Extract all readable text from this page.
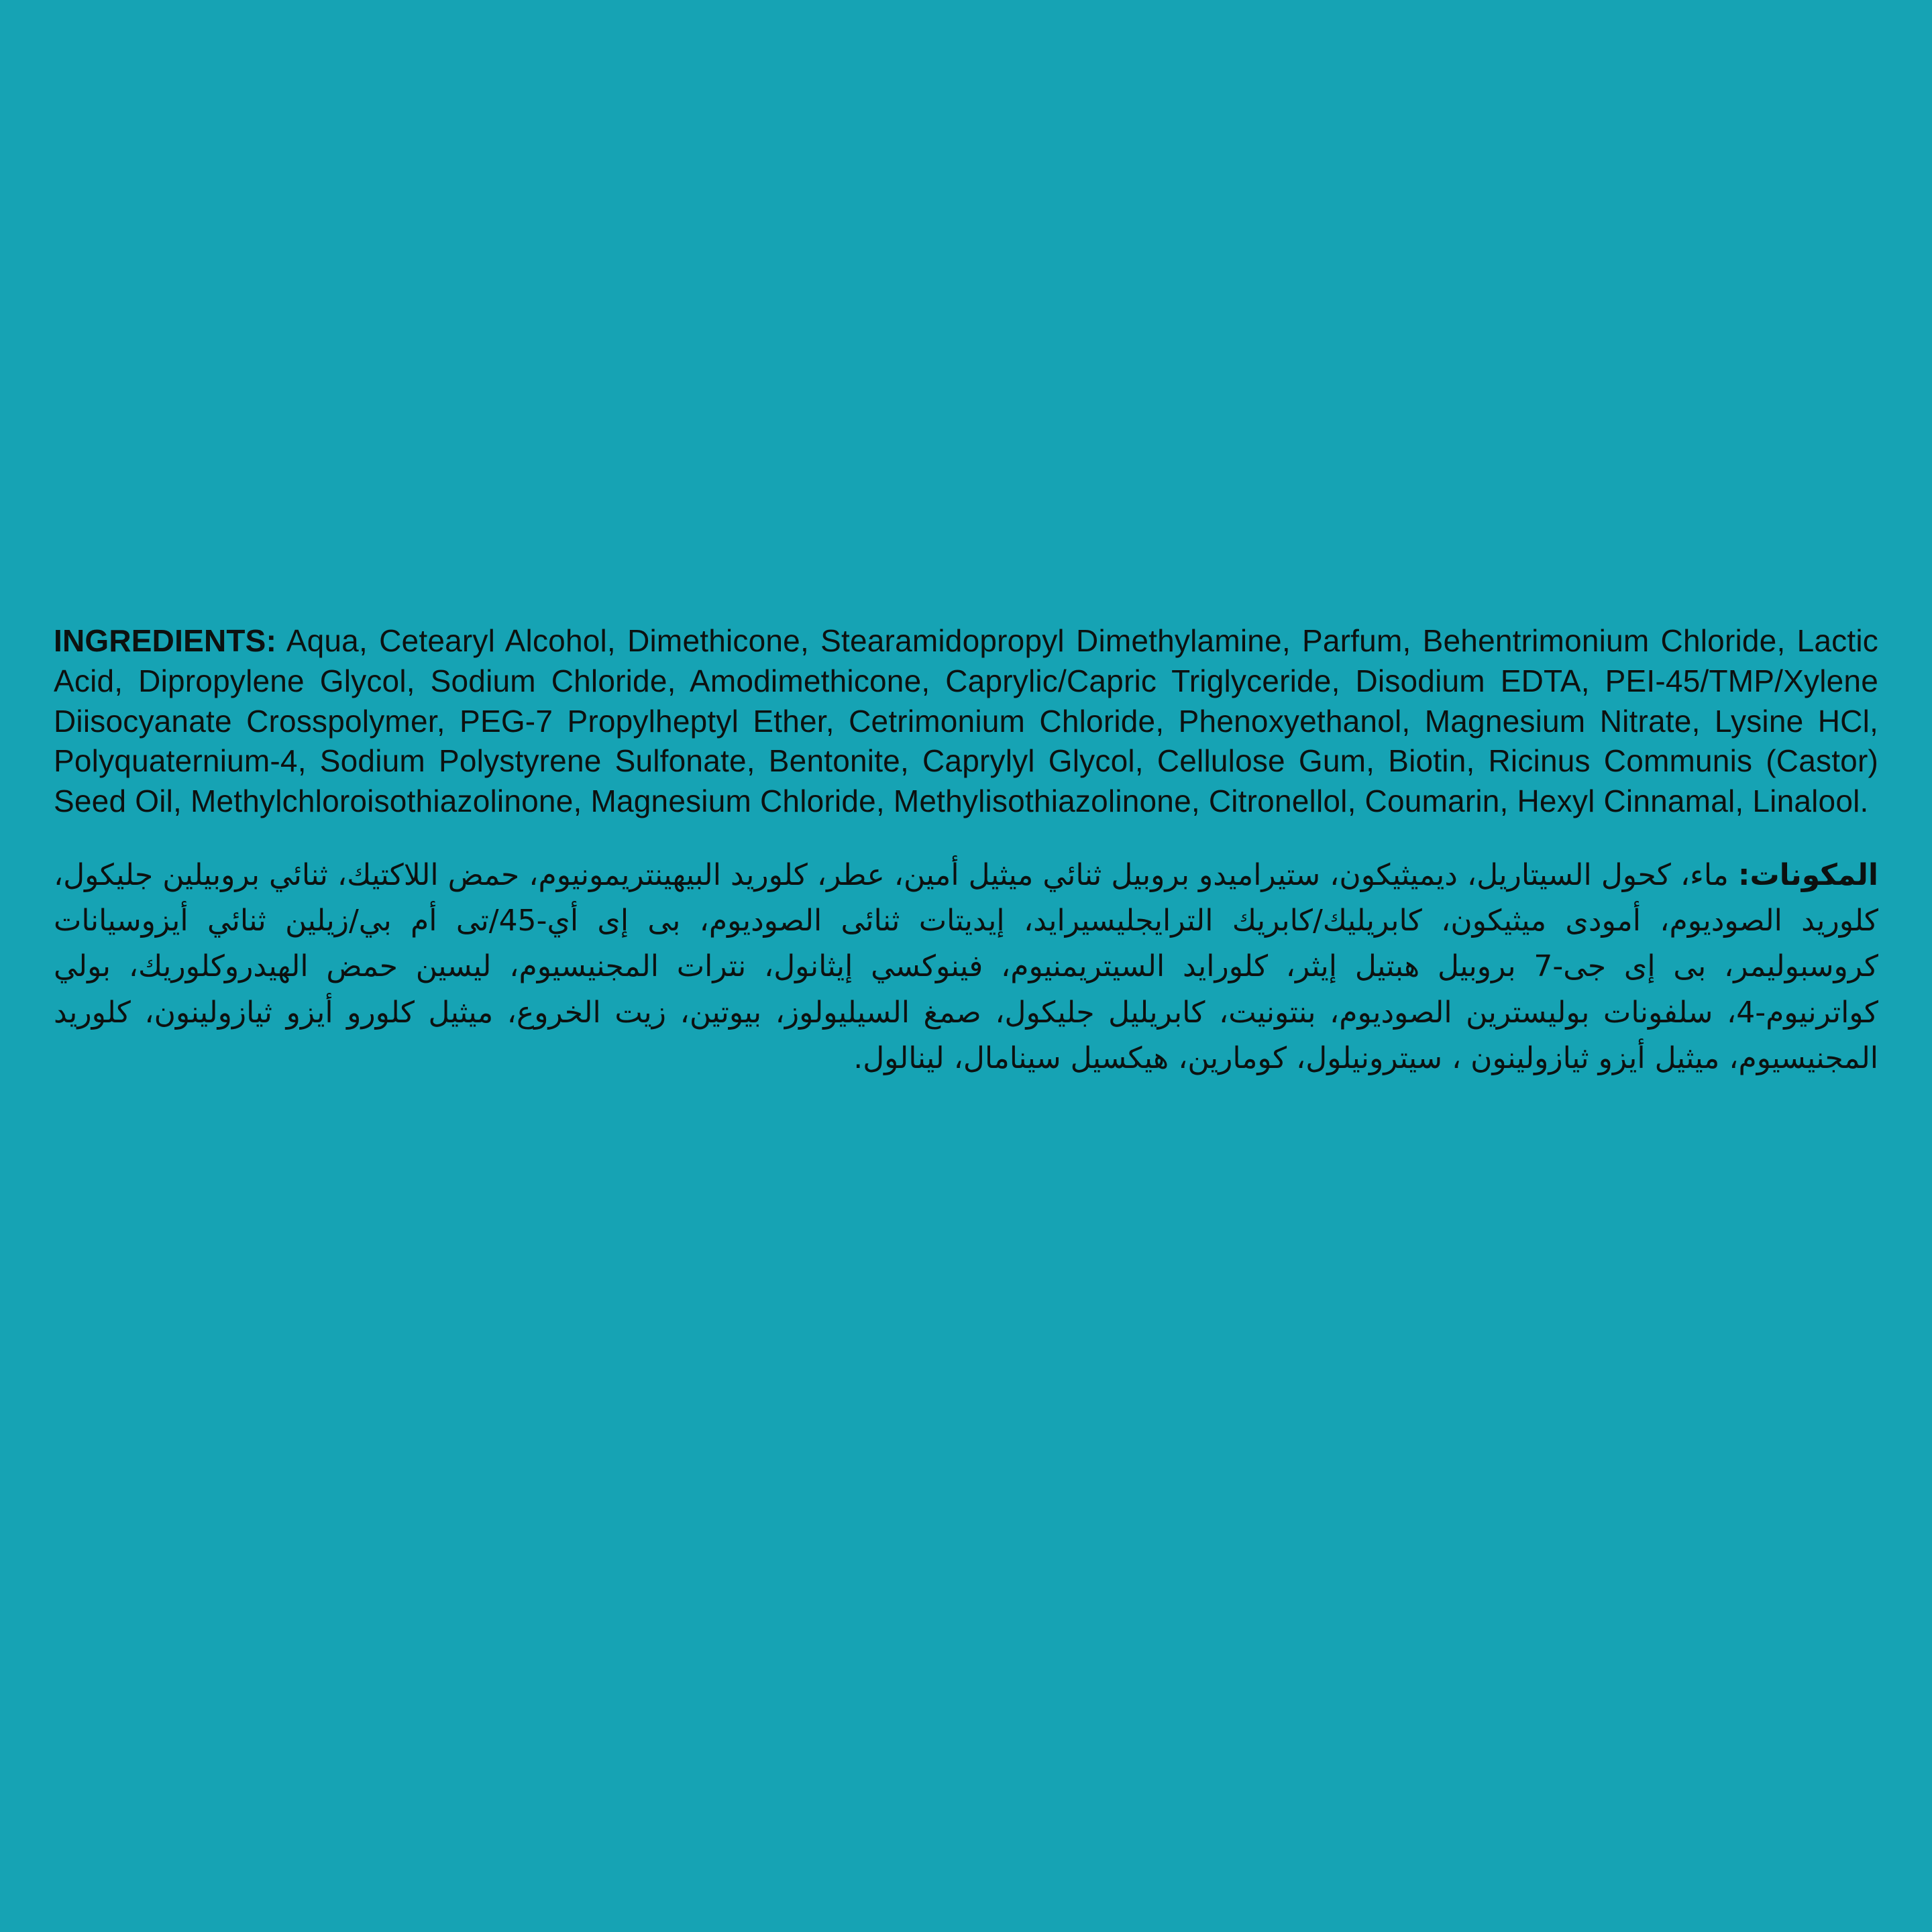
INGREDIENTS: Aqua, Cetearyl Alcohol, Dimethicone, Stearamidopropyl Dimethylamine, Parfum, Behentrimonium Chloride, Lactic Acid, Dipropylene Glycol, Sodium Chloride, Amodimethicone, Caprylic/Capric Triglyceride, Disodium EDTA, PEI-45/TMP/Xylene Diisocyanate Crosspolymer, PEG-7 Propylheptyl Ether, Cetrimonium Chloride, Phenoxyethanol, Magnesium Nitrate, Lysine HCl, Polyquaternium-4, Sodium Polystyrene Sulfonate, Bentonite, Caprylyl Glycol, Cellulose Gum, Biotin, Ricinus Communis (Castor) Seed Oil, Methylchloroisothiazolinone, Magnesium Chloride, Methylisothiazolinone, Citronellol, Coumarin, Hexyl Cinnamal, Linalool.

المكونات: ماء، كحول السيتاريل، ديميثيكون، ستيراميدو بروبيل ثنائي ميثيل أمين، عطر، كلوريد البيهينتريمونيوم، حمض اللاكتيك، ثنائي بروبيلين جليكول، كلوريد الصوديوم، أمودى ميثيكون، كابريليك/كابريك الترايجليسيرايد، إيديتات ثنائى الصوديوم، بى إى أي-45/تى أم بي/زيلين ثنائي أيزوسيانات كروسبوليمر، بى إى جى-7 بروبيل هبتيل إيثر، كلورايد السيتريمنيوم، فينوكسي إيثانول، نترات المجنيسيوم، ليسين حمض الهيدروكلوريك، بولي كواترنيوم-4، سلفونات بوليسترين الصوديوم، بنتونيت، كابريليل جليكول، صمغ السيليولوز، بيوتين، زيت الخروع، ميثيل كلورو أيزو ثيازولينون، كلوريد المجنيسيوم، ميثيل أيزو ثيازولينون ، سيترونيلول، كومارين، هيكسيل سينامال، لينالول.
